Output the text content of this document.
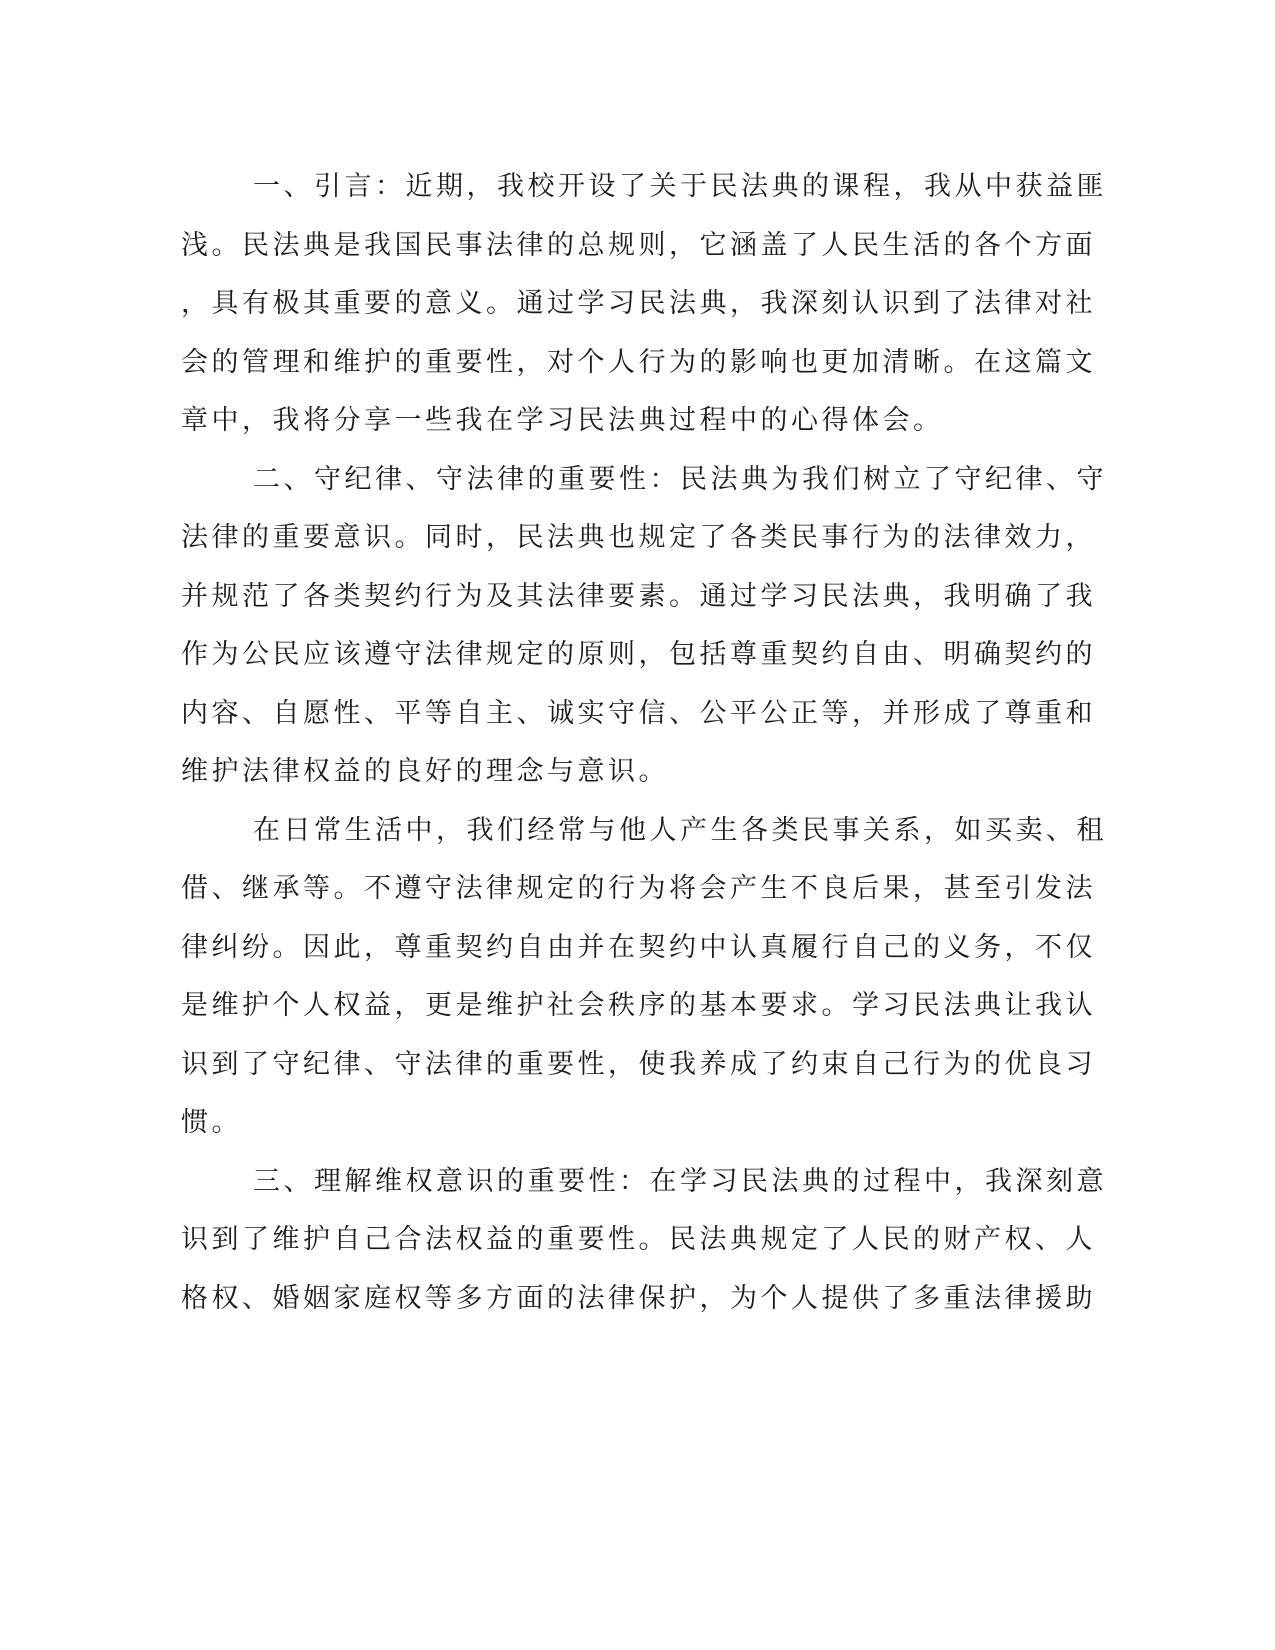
一、引言：近期，我校开设了关于民法典的课程，我从中获益匪
浅。民法典是我国民事法律的总规则，它涵盖了人民生活的各个方面
，具有极其重要的意义。通过学习民法典，我深刻认识到了法律对社
会的管理和维护的重要性，对个人行为的影响也更加清晰。在这篇文
章中，我将分享一些我在学习民法典过程中的心得体会。
二、守纪律、守法律的重要性：民法典为我们树立了守纪律、守
法律的重要意识。同时，民法典也规定了各类民事行为的法律效力，
并规范了各类契约行为及其法律要素。通过学习民法典，我明确了我
作为公民应该遵守法律规定的原则，包括尊重契约自由、明确契约的
内容、自愿性、平等自主、诚实守信、公平公正等，并形成了尊重和
维护法律权益的良好的理念与意识。
在日常生活中，我们经常与他人产生各类民事关系，如买卖、租
借、继承等。不遵守法律规定的行为将会产生不良后果，甚至引发法
律纠纷。因此，尊重契约自由并在契约中认真履行自己的义务，不仅
是维护个人权益，更是维护社会秩序的基本要求。学习民法典让我认
识到了守纪律、守法律的重要性，使我养成了约束自己行为的优良习
惯。
三、理解维权意识的重要性：在学习民法典的过程中，我深刻意
识到了维护自己合法权益的重要性。民法典规定了人民的财产权、人
格权、婚姻家庭权等多方面的法律保护，为个人提供了多重法律援助
